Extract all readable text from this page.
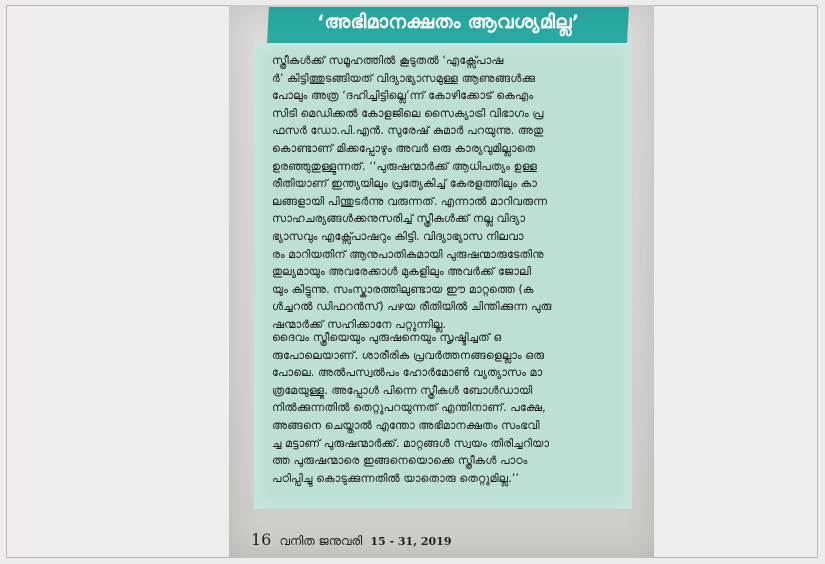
‘അഭിമാനക്ഷതം ആവശ്യമില്ല’

സ്ത്രീകൾക്ക് സമൂഹത്തിൽ കൂടുതൽ ‘എക്സ്പോഷ
ർ’ കിട്ടിത്തുടങ്ങിയത് വിദ്യാഭ്യാസമുള്ള ആണുങ്ങൾക്കു
പോലും അത്ര ‘ദഹിച്ചിട്ടില്ലെ’ന്ന് കോഴിക്കോട് കെഎം
സിടി മെഡിക്കൽ കോളജിലെ സൈക്യാട്രി വിഭാഗം പ്ര
ഫസർ ഡോ.പി.എൻ. സുരേഷ് കുമാർ പറയുന്നു. അതു
കൊണ്ടാണ് മിക്കപ്പോഴും അവർ ഒരു കാര്യവുമില്ലാതെ
ഉരഞ്ഞുതുള്ളുന്നത്. ‘‘പുരുഷന്മാർക്ക് ആധിപത്യം ഉള്ള
രീതിയാണ് ഇന്ത്യയിലും പ്രത്യേകിച്ച് കേരളത്തിലും കാ
ലങ്ങളായി പിന്തുടർന്നു വരുന്നത്. എന്നാൽ മാറിവരുന്ന
സാഹചര്യങ്ങൾക്കനുസരിച്ച് സ്ത്രീകൾക്ക് നല്ല വിദ്യാ
ഭ്യാസവും എക്സ്പോഷറും കിട്ടി. വിദ്യാഭ്യാസ നിലവാ
രം മാറിയതിന് ആനുപാതികമായി പുരുഷന്മാരുടേതിനു
തുല്യമായും അവരേക്കാൾ മുകളിലും അവർക്ക് ജോലി
യും കിട്ടുന്നു. സംസ്കാരത്തിലുണ്ടായ ഈ മാറ്റത്തെ (ക
ൾച്ചറൽ ഡിഫറൻസ്) പഴയ രീതിയിൽ ചിന്തിക്കുന്ന പുരു
ഷന്മാർക്ക് സഹിക്കാനേ പറ്റുന്നില്ല.

ദൈവം സ്ത്രീയെയും പുരുഷനെയും സൃഷ്ടിച്ചത് ഒ
രുപോലെയാണ്. ശാരീരിക പ്രവർത്തനങ്ങളെല്ലാം ഒരു
പോലെ. അൽപസ്വൽപം ഹോർമോൺ വ്യത്യാസം മാ
ത്രമേയുള്ളൂ. അപ്പോൾ പിന്നെ സ്ത്രീകൾ ബോൾഡായി
നിൽക്കുന്നതിൽ തെറ്റുപറയുന്നത് എന്തിനാണ്. പക്ഷേ,
അങ്ങനെ ചെയ്താൽ എന്തോ അഭിമാനക്ഷതം സംഭവി
ച്ച മട്ടാണ് പുരുഷന്മാർക്ക്. മാറ്റങ്ങൾ സ്വയം തിരിച്ചറിയാ
ത്ത പുരുഷന്മാരെ ഇങ്ങനെയൊക്കെ സ്ത്രീകൾ പാഠം
പഠിപ്പിച്ചു കൊടുക്കുന്നതിൽ യാതൊരു തെറ്റുമില്ല.’’

16 വനിത ജനുവരി 15 - 31, 2019
